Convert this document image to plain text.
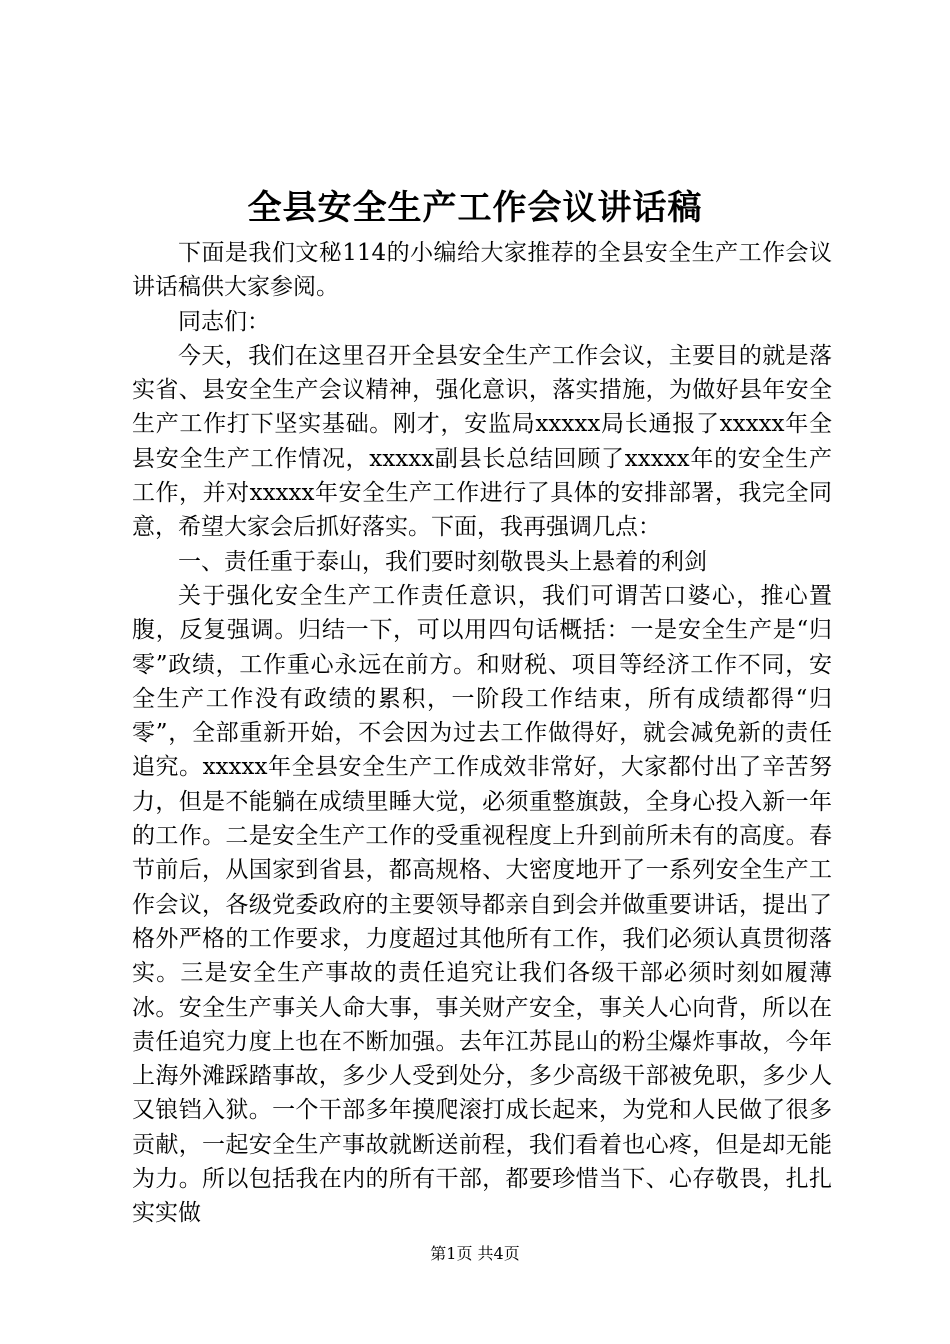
全县安全生产工作会议讲话稿

下面是我们文秘114的小编给大家推荐的全县安全生产工作会议讲话稿供大家参阅。

同志们：

今天，我们在这里召开全县安全生产工作会议，主要目的就是落实省、县安全生产会议精神，强化意识，落实措施，为做好县年安全生产工作打下坚实基础。刚才，安监局xxxxx局长通报了xxxxx年全县安全生产工作情况，xxxxx副县长总结回顾了xxxxx年的安全生产工作，并对xxxxx年安全生产工作进行了具体的安排部署，我完全同意，希望大家会后抓好落实。下面，我再强调几点：

一、责任重于泰山，我们要时刻敬畏头上悬着的利剑

关于强化安全生产工作责任意识，我们可谓苦口婆心，推心置腹，反复强调。归结一下，可以用四句话概括：一是安全生产是“归零”政绩，工作重心永远在前方。和财税、项目等经济工作不同，安全生产工作没有政绩的累积，一阶段工作结束，所有成绩都得“归零”，全部重新开始，不会因为过去工作做得好，就会减免新的责任追究。xxxxx年全县安全生产工作成效非常好，大家都付出了辛苦努力，但是不能躺在成绩里睡大觉，必须重整旗鼓，全身心投入新一年的工作。二是安全生产工作的受重视程度上升到前所未有的高度。春节前后，从国家到省县，都高规格、大密度地开了一系列安全生产工作会议，各级党委政府的主要领导都亲自到会并做重要讲话，提出了格外严格的工作要求，力度超过其他所有工作，我们必须认真贯彻落实。三是安全生产事故的责任追究让我们各级干部必须时刻如履薄冰。安全生产事关人命大事，事关财产安全，事关人心向背，所以在责任追究力度上也在不断加强。去年江苏昆山的粉尘爆炸事故，今年上海外滩踩踏事故，多少人受到处分，多少高级干部被免职，多少人又锒铛入狱。一个干部多年摸爬滚打成长起来，为党和人民做了很多贡献，一起安全生产事故就断送前程，我们看着也心疼，但是却无能为力。所以包括我在内的所有干部，都要珍惜当下、心存敬畏，扎扎实实做

第1页 共4页
